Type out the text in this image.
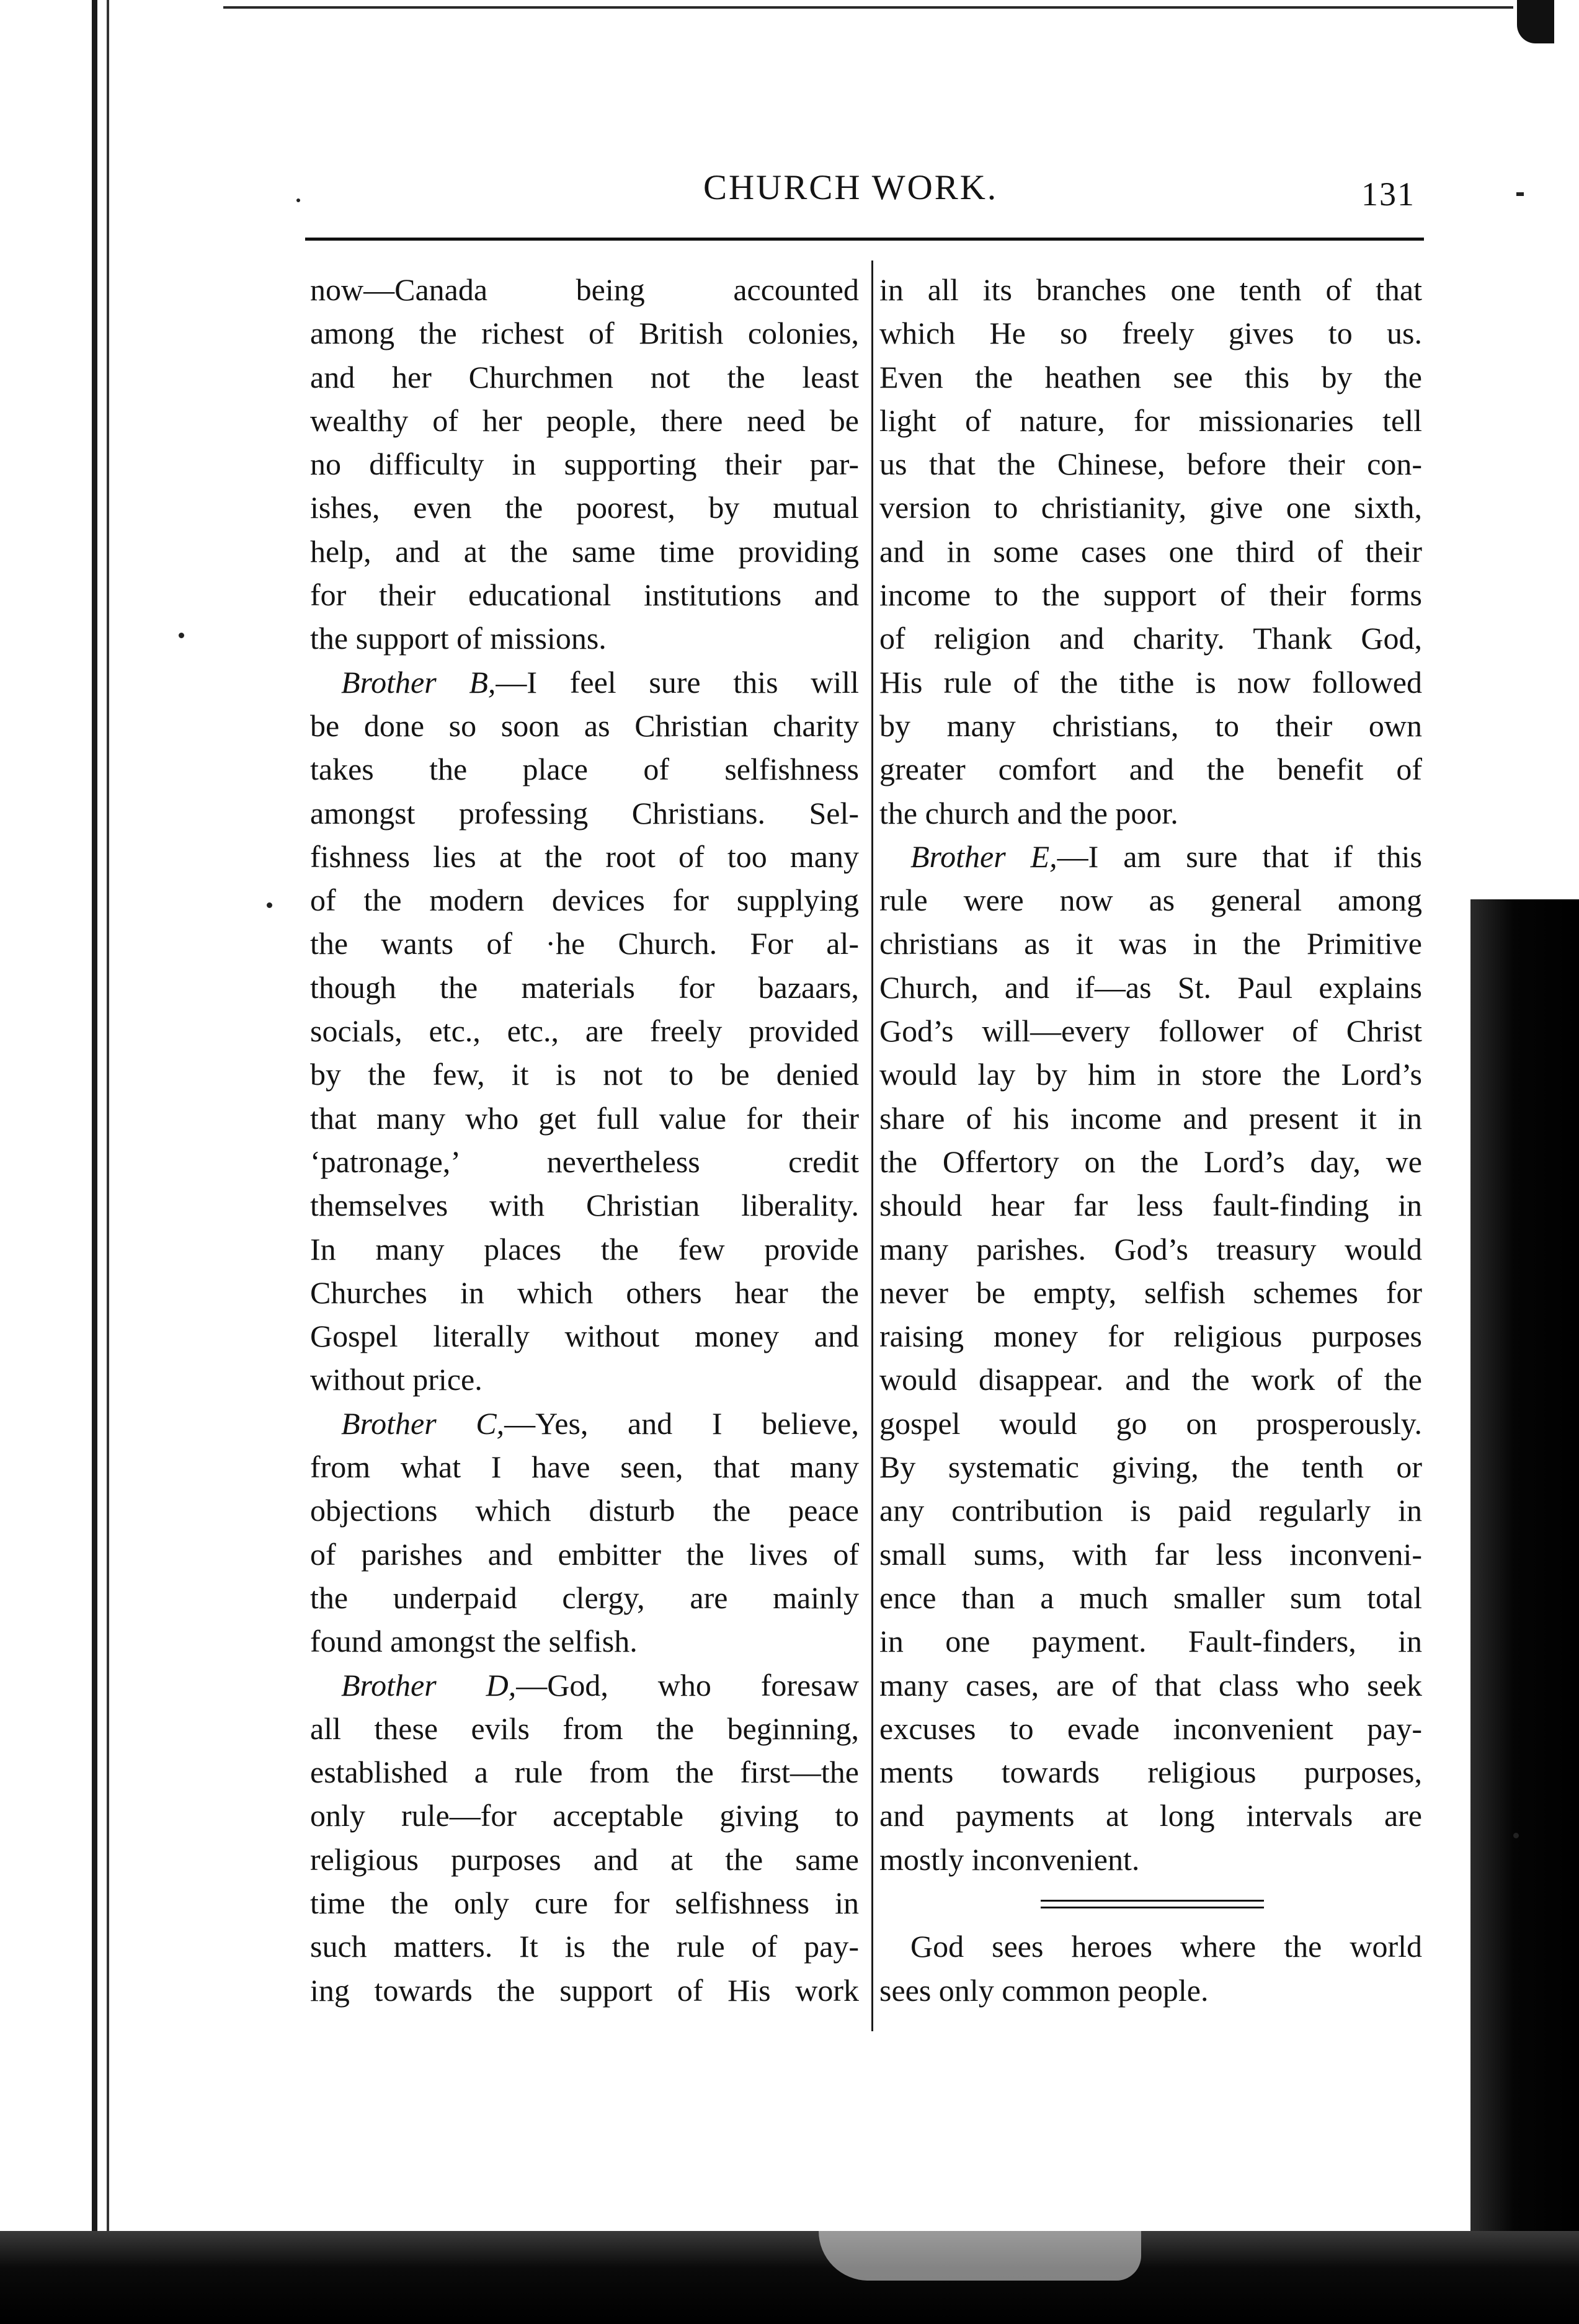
CHURCH WORK.	131
now—Canada being accounted
among the richest of British colonies,
and her Churchmen not the least
wealthy of her people, there need be
no difficulty in supporting their par-
ishes, even the poorest, by mutual
help, and at the same time providing
for their educational institutions and
the support of missions.
Brother B,—I feel sure this will
be done so soon as Christian charity
takes the place of selfishness
amongst professing Christians. Sel-
fishness lies at the root of too many
of the modern devices for supplying
the wants of ·he Church. For al-
though the materials for bazaars,
socials, etc., etc., are freely provided
by the few, it is not to be denied
that many who get full value for their
‘patronage,’ nevertheless credit
themselves with Christian liberality.
In many places the few provide
Churches in which others hear the
Gospel literally without money and
without price.
Brother C,—Yes, and I believe,
from what I have seen, that many
objections which disturb the peace
of parishes and embitter the lives of
the underpaid clergy, are mainly
found amongst the selfish.
Brother D,—God, who foresaw
all these evils from the beginning,
established a rule from the first—the
only rule—for acceptable giving to
religious purposes and at the same
time the only cure for selfishness in
such matters. It is the rule of pay-
ing towards the support of His work
in all its branches one tenth of that
which He so freely gives to us.
Even the heathen see this by the
light of nature, for missionaries tell
us that the Chinese, before their con-
version to christianity, give one sixth,
and in some cases one third of their
income to the support of their forms
of religion and charity. Thank God,
His rule of the tithe is now followed
by many christians, to their own
greater comfort and the benefit of
the church and the poor.
Brother E,—I am sure that if this
rule were now as general among
christians as it was in the Primitive
Church, and if—as St. Paul explains
God’s will—every follower of Christ
would lay by him in store the Lord’s
share of his income and present it in
the Offertory on the Lord’s day, we
should hear far less fault-finding in
many parishes. God’s treasury would
never be empty, selfish schemes for
raising money for religious purposes
would disappear. and the work of the
gospel would go on prosperously.
By systematic giving, the tenth or
any contribution is paid regularly in
small sums, with far less inconveni-
ence than a much smaller sum total
in one payment. Fault-finders, in
many cases, are of that class who seek
excuses to evade inconvenient pay-
ments towards religious purposes,
and payments at long intervals are
mostly inconvenient.
God sees heroes where the world
sees only common people.
